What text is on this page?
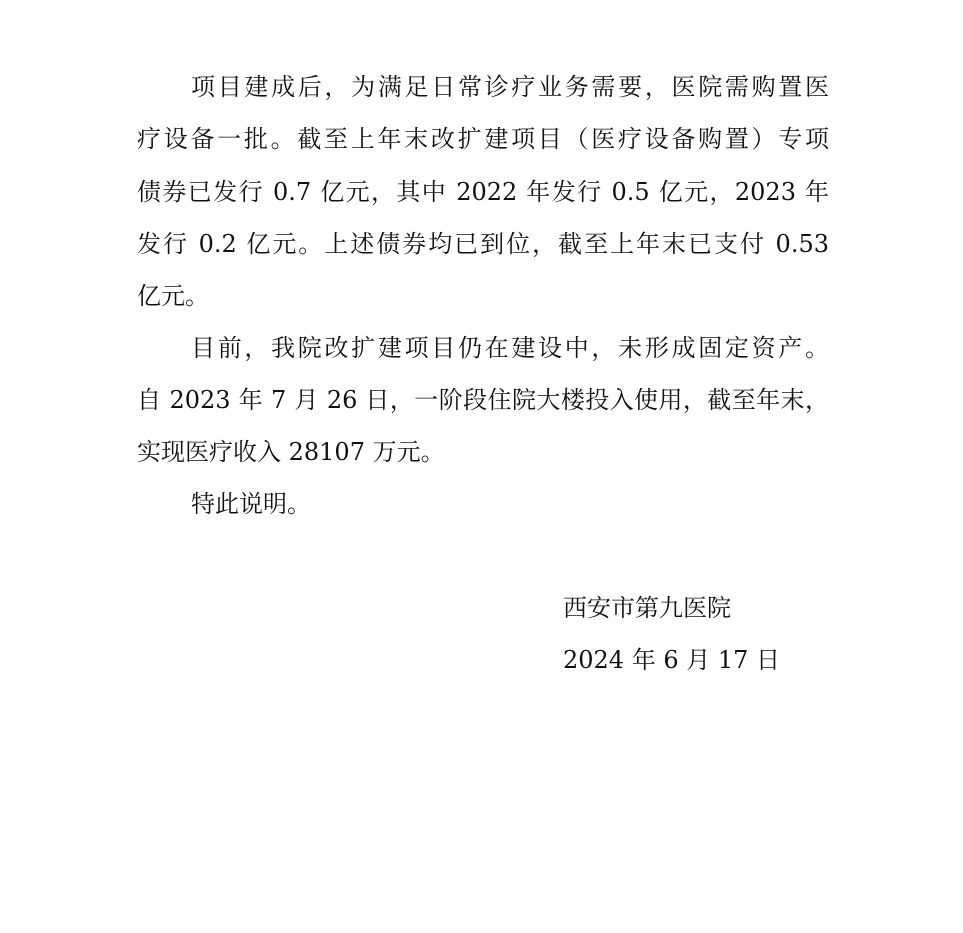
项目建成后，为满足日常诊疗业务需要，医院需购置医
疗设备一批。截至上年末改扩建项目（医疗设备购置）专项
债券已发行 0.7 亿元，其中 2022 年发行 0.5 亿元，2023 年
发行 0.2 亿元。上述债券均已到位，截至上年末已支付 0.53
亿元。
目前，我院改扩建项目仍在建设中，未形成固定资产。
自 2023 年 7 月 26 日，一阶段住院大楼投入使用，截至年末，
实现医疗收入 28107 万元。
特此说明。
西安市第九医院
2024 年 6 月 17 日
